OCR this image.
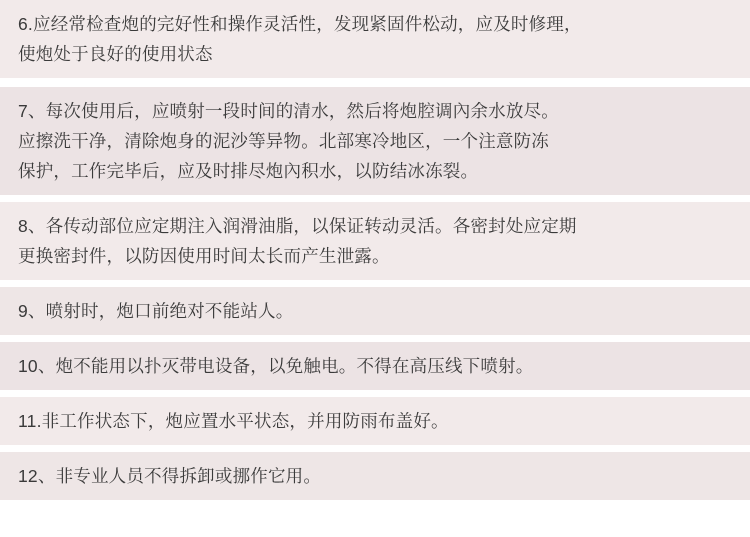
6.应经常检查炮的完好性和操作灵活性，发现紧固件松动，应及时修理，

使炮处于良好的使用状态

7、每次使用后，应喷射一段时间的清水，然后将炮腔调內余水放尽。

应擦洗干净，清除炮身的泥沙等异物。北部寒冷地区，一个注意防冻

保护，工作完毕后，应及时排尽炮內积水，以防结冰冻裂。

8、各传动部位应定期注入润滑油脂，以保证转动灵活。各密封处应定期

更换密封件，以防因使用时间太长而产生泄露。

9、喷射时，炮口前绝对不能站人。

10、炮不能用以扑灭带电设备，以免触电。不得在高压线下喷射。

11.非工作状态下，炮应置水平状态，并用防雨布盖好。

12、非专业人员不得拆卸或挪作它用。
